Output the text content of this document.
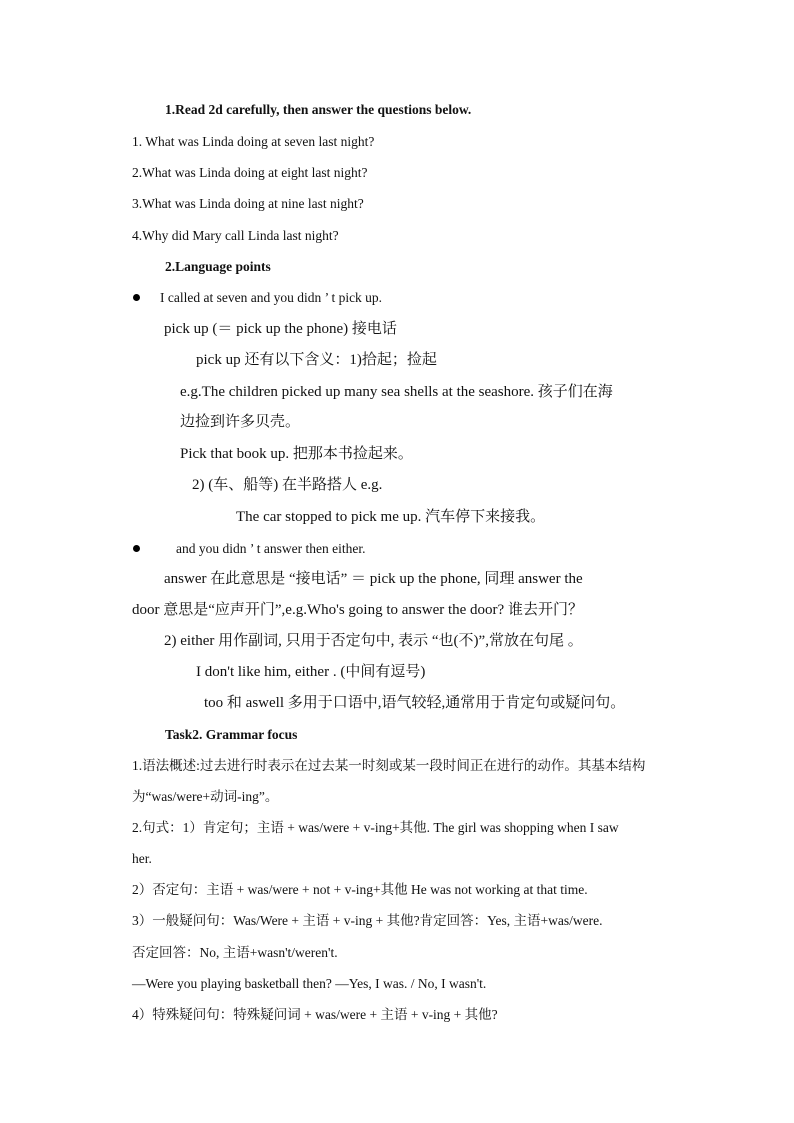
1.Read 2d carefully, then answer the questions below.
1. What was Linda doing at seven last night?
2.What was Linda doing at eight last night?
3.What was Linda doing at nine last night?
4.Why did Mary call Linda last night?
2.Language points
I called at seven and you didn ’ t pick up.
pick up (＝ pick up the phone) 接电话
pick up 还有以下含义：1)拾起；捡起
e.g.The children picked up many sea shells at the seashore. 孩子们在海
边捡到许多贝壳。
Pick that book up. 把那本书捡起来。
2) (车、船等) 在半路搭人 e.g.
The car stopped to pick me up. 汽车停下来接我。
and you didn ’ t answer then either.
answer 在此意思是 “接电话” ＝ pick up the phone, 同理 answer the
door 意思是“应声开门”,e.g.Who's going to answer the door? 谁去开门？
2) either 用作副词, 只用于否定句中, 表示 “也(不)”,常放在句尾 。
I don't like him, either . (中间有逗号)
too 和 aswell 多用于口语中,语气较轻,通常用于肯定句或疑问句。
Task2. Grammar focus
1.语法概述:过去进行时表示在过去某一时刻或某一段时间正在进行的动作。其基本结构
为“was/were+动词-ing”。
2.句式：1）肯定句；主语 + was/were + v-ing+其他. The girl was shopping when I saw
her.
2）否定句：主语 + was/were + not + v-ing+其他 He was not working at that time.
3）一般疑问句：Was/Were + 主语 + v-ing + 其他?肯定回答：Yes, 主语+was/were.
否定回答：No, 主语+wasn't/weren't.
—Were you playing basketball then? —Yes, I was. / No, I wasn't.
4）特殊疑问句：特殊疑问词 + was/were + 主语 + v-ing + 其他?
